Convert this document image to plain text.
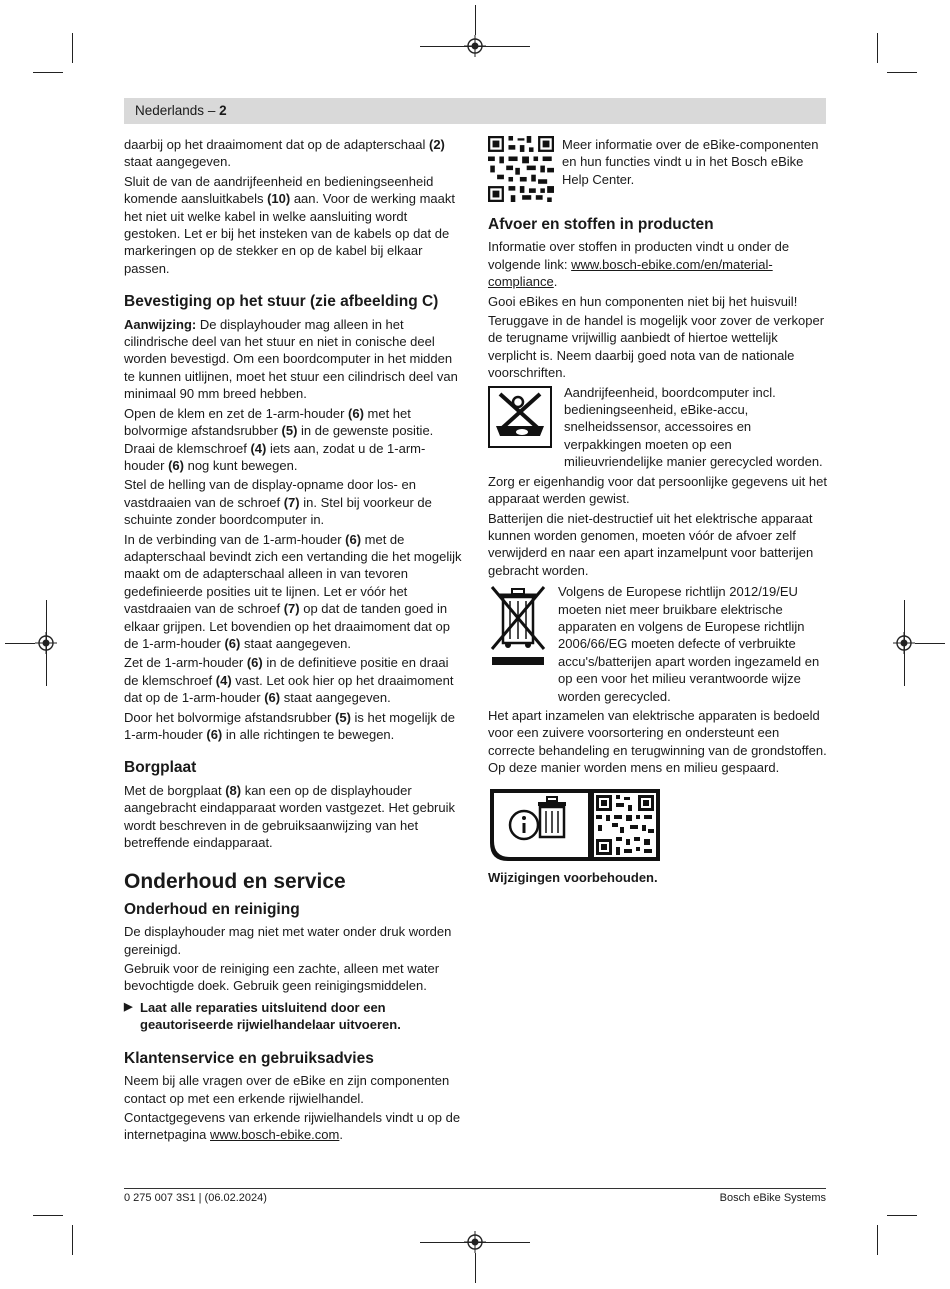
Nederlands – 2

daarbij op het draaimoment dat op de adapterschaal (2) staat aangegeven.

Sluit de van de aandrijfeenheid en bedieningseenheid komende aansluitkabels (10) aan. Voor de werking maakt het niet uit welke kabel in welke aansluiting wordt gestoken. Let er bij het insteken van de kabels op dat de markeringen op de stekker en op de kabel bij elkaar passen.

Bevestiging op het stuur (zie afbeelding C)

Aanwijzing: De displayhouder mag alleen in het cilindrische deel van het stuur en niet in conische deel worden bevestigd. Om een boordcomputer in het midden te kunnen uitlijnen, moet het stuur een cilindrisch deel van minimaal 90 mm breed hebben.

Open de klem en zet de 1-arm-houder (6) met het bolvormige afstandsrubber (5) in de gewenste positie. Draai de klemschroef (4) iets aan, zodat u de 1-arm-houder (6) nog kunt bewegen.

Stel de helling van de display-opname door los- en vastdraaien van de schroef (7) in. Stel bij voorkeur de schuinte zonder boordcomputer in.

In de verbinding van de 1-arm-houder (6) met de adapterschaal bevindt zich een vertanding die het mogelijk maakt om de adapterschaal alleen in van tevoren gedefinieerde posities uit te lijnen. Let er vóór het vastdraaien van de schroef (7) op dat de tanden goed in elkaar grijpen. Let bovendien op het draaimoment dat op de 1-arm-houder (6) staat aangegeven.

Zet de 1-arm-houder (6) in de definitieve positie en draai de klemschroef (4) vast. Let ook hier op het draaimoment dat op de 1-arm-houder (6) staat aangegeven.

Door het bolvormige afstandsrubber (5) is het mogelijk de 1-arm-houder (6) in alle richtingen te bewegen.

Borgplaat

Met de borgplaat (8) kan een op de displayhouder aangebracht eindapparaat worden vastgezet. Het gebruik wordt beschreven in de gebruiksaanwijzing van het betreffende eindapparaat.

Onderhoud en service
Onderhoud en reiniging

De displayhouder mag niet met water onder druk worden gereinigd.

Gebruik voor de reiniging een zachte, alleen met water bevochtigde doek. Gebruik geen reinigingsmiddelen.

▶ Laat alle reparaties uitsluitend door een geautoriseerde rijwielhandelaar uitvoeren.
Klantenservice en gebruiksadvies

Neem bij alle vragen over de eBike en zijn componenten contact op met een erkende rijwielhandel.

Contactgegevens van erkende rijwielhandels vindt u op de internetpagina www.bosch-ebike.com.

Meer informatie over de eBike-componenten en hun functies vindt u in het Bosch eBike Help Center.
Afvoer en stoffen in producten

Informatie over stoffen in producten vindt u onder de volgende link: www.bosch-ebike.com/en/material-compliance.

Gooi eBikes en hun componenten niet bij het huisvuil!

Teruggave in de handel is mogelijk voor zover de verkoper de terugname vrijwillig aanbiedt of hiertoe wettelijk verplicht is. Neem daarbij goed nota van de nationale voorschriften.

Aandrijfeenheid, boordcomputer incl. bedieningseenheid, eBike-accu, snelheidssensor, accessoires en verpakkingen moeten op een milieuvriendelijke manier gerecycled worden.

Zorg er eigenhandig voor dat persoonlijke gegevens uit het apparaat werden gewist.

Batterijen die niet-destructief uit het elektrische apparaat kunnen worden genomen, moeten vóór de afvoer zelf verwijderd en naar een apart inzamelpunt voor batterijen gebracht worden.

Volgens de Europese richtlijn 2012/19/EU moeten niet meer bruikbare elektrische apparaten en volgens de Europese richtlijn 2006/66/EG moeten defecte of verbruikte accu's/batterijen apart worden ingezameld en op een voor het milieu verantwoorde wijze worden gerecycled.

Het apart inzamelen van elektrische apparaten is bedoeld voor een zuivere voorsortering en ondersteunt een correcte behandeling en terugwinning van de grondstoffen. Op deze manier worden mens en milieu gespaard.

Wijzigingen voorbehouden.

0 275 007 3S1 | (06.02.2024)	Bosch eBike Systems
